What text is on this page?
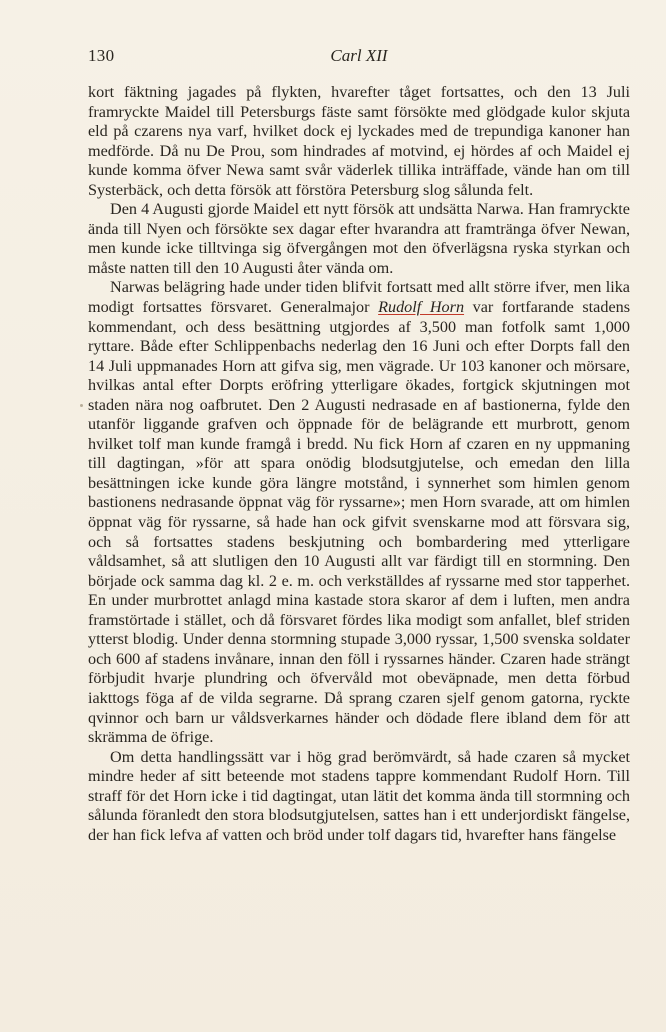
130	Carl XII

kort fäktning jagades på flykten, hvarefter tåget fortsattes, och den 13 Juli framryckte Maidel till Petersburgs fäste samt försökte med glödgade kulor skjuta eld på czarens nya varf, hvilket dock ej lyckades med de trepundiga kanoner han medförde. Då nu De Prou, som hindrades af motvind, ej hördes af och Maidel ej kunde komma öfver Newa samt svår väderlek tillika inträffade, vände han om till Systerbäck, och detta försök att förstöra Petersburg slog sålunda felt.

Den 4 Augusti gjorde Maidel ett nytt försök att undsätta Narwa. Han framryckte ända till Nyen och försökte sex dagar efter hvarandra att framtränga öfver Newan, men kunde icke tilltvinga sig öfvergången mot den öfverlägsna ryska styrkan och måste natten till den 10 Augusti åter vända om.

Narwas belägring hade under tiden blifvit fortsatt med allt större ifver, men lika modigt fortsattes försvaret. Generalmajor Rudolf Horn var fortfarande stadens kommendant, och dess besättning utgjordes af 3,500 man fotfolk samt 1,000 ryttare. Både efter Schlippenbachs nederlag den 16 Juni och efter Dorpts fall den 14 Juli uppmanades Horn att gifva sig, men vägrade. Ur 103 kanoner och mörsare, hvilkas antal efter Dorpts eröfring ytterligare ökades, fortgick skjutningen mot staden nära nog oafbrutet. Den 2 Augusti nedrasade en af bastionerna, fylde den utanför liggande grafven och öppnade för de belägrande ett murbrott, genom hvilket tolf man kunde framgå i bredd. Nu fick Horn af czaren en ny uppmaning till dagtingan, »för att spara onödig blodsutgjutelse, och emedan den lilla besättningen icke kunde göra längre motstånd, i synnerhet som himlen genom bastionens nedrasande öppnat väg för ryssarne»; men Horn svarade, att om himlen öppnat väg för ryssarne, så hade han ock gifvit svenskarne mod att försvara sig, och så fortsattes stadens beskjutning och bombardering med ytterligare våldsamhet, så att slutligen den 10 Augusti allt var färdigt till en stormning. Den började ock samma dag kl. 2 e. m. och verkställdes af ryssarne med stor tapperhet. En under murbrottet anlagd mina kastade stora skaror af dem i luften, men andra framstörtade i stället, och då försvaret fördes lika modigt som anfallet, blef striden ytterst blodig. Under denna stormning stupade 3,000 ryssar, 1,500 svenska soldater och 600 af stadens invånare, innan den föll i ryssarnes händer. Czaren hade strängt förbjudit hvarje plundring och öfvervåld mot obeväpnade, men detta förbud iakttogs föga af de vilda segrarne. Då sprang czaren sjelf genom gatorna, ryckte qvinnor och barn ur våldsverkarnes händer och dödade flere ibland dem för att skrämma de öfrige.

Om detta handlingssätt var i hög grad berömvärdt, så hade czaren så mycket mindre heder af sitt beteende mot stadens tappre kommendant Rudolf Horn. Till straff för det Horn icke i tid dagtingat, utan lätit det komma ända till stormning och sålunda föranledt den stora blodsutgjutelsen, sattes han i ett underjordiskt fängelse, der han fick lefva af vatten och bröd under tolf dagars tid, hvarefter hans fängelse
